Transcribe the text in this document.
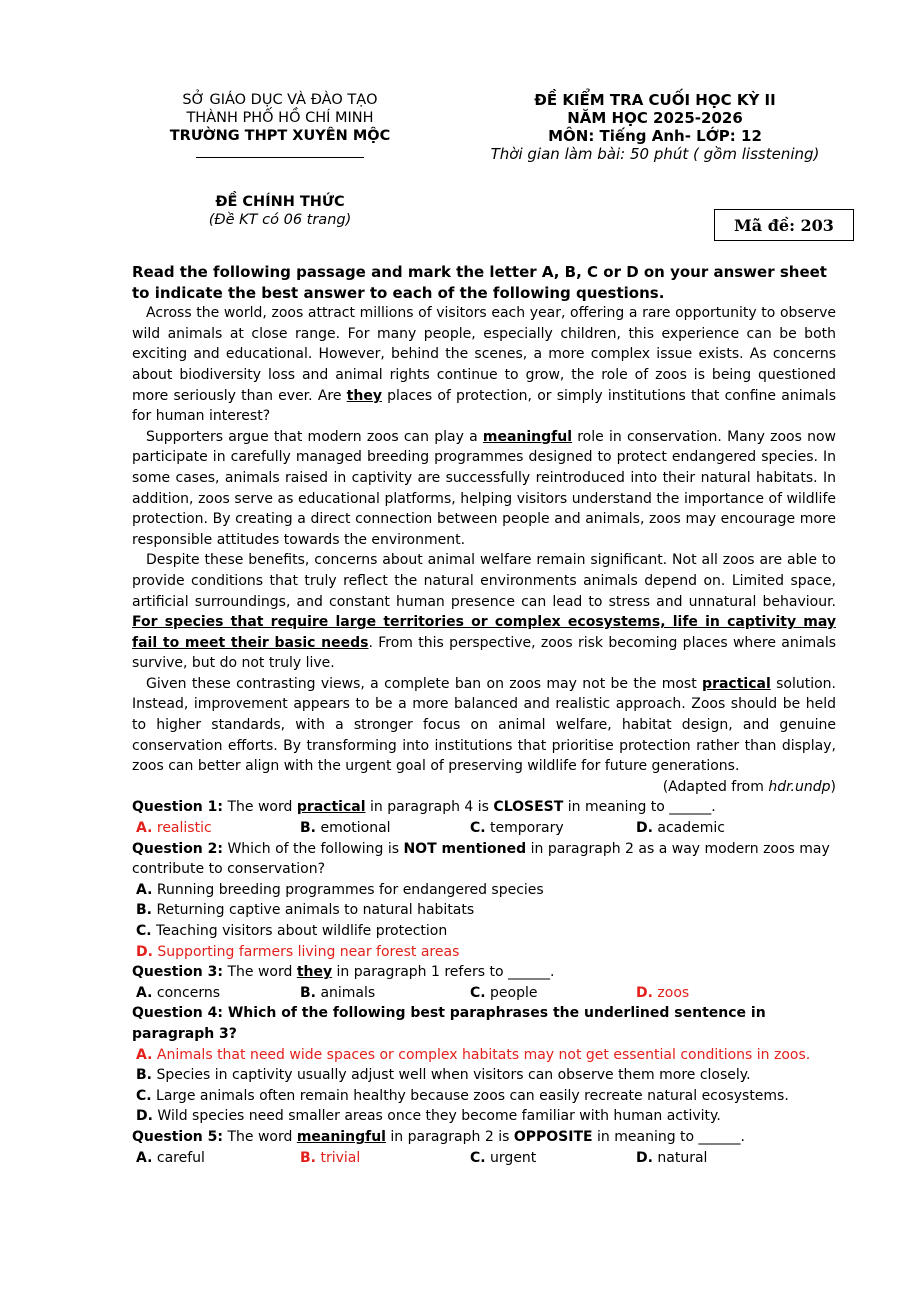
SỞ GIÁO DỤC VÀ ĐÀO TẠO
THÀNH PHỐ HỒ CHÍ MINH
TRƯỜNG THPT XUYÊN MỘC
ĐỀ CHÍNH THỨC
(Đề KT có 06 trang)
ĐỀ KIỂM TRA CUỐI HỌC KỲ II
NĂM HỌC 2025-2026
MÔN: Tiếng Anh- LỚP: 12
Thời gian làm bài: 50 phút ( gồm lisstening)
Mã đề: 203

Read the following passage and mark the letter A, B, C or D on your answer sheet to indicate the best answer to each of the following questions.

Across the world, zoos attract millions of visitors each year, offering a rare opportunity to observe wild animals at close range. For many people, especially children, this experience can be both exciting and educational. However, behind the scenes, a more complex issue exists. As concerns about biodiversity loss and animal rights continue to grow, the role of zoos is being questioned more seriously than ever. Are they places of protection, or simply institutions that confine animals for human interest?

Supporters argue that modern zoos can play a meaningful role in conservation. Many zoos now participate in carefully managed breeding programmes designed to protect endangered species. In some cases, animals raised in captivity are successfully reintroduced into their natural habitats. In addition, zoos serve as educational platforms, helping visitors understand the importance of wildlife protection. By creating a direct connection between people and animals, zoos may encourage more responsible attitudes towards the environment.

Despite these benefits, concerns about animal welfare remain significant. Not all zoos are able to provide conditions that truly reflect the natural environments animals depend on. Limited space, artificial surroundings, and constant human presence can lead to stress and unnatural behaviour. For species that require large territories or complex ecosystems, life in captivity may fail to meet their basic needs. From this perspective, zoos risk becoming places where animals survive, but do not truly live.

Given these contrasting views, a complete ban on zoos may not be the most practical solution. Instead, improvement appears to be a more balanced and realistic approach. Zoos should be held to higher standards, with a stronger focus on animal welfare, habitat design, and genuine conservation efforts. By transforming into institutions that prioritise protection rather than display, zoos can better align with the urgent goal of preserving wildlife for future generations.

(Adapted from hdr.undp)

Question 1: The word practical in paragraph 4 is CLOSEST in meaning to ______.

A. realistic	B. emotional	C. temporary	D. academic

Question 2: Which of the following is NOT mentioned in paragraph 2 as a way modern zoos may contribute to conservation?

A. Running breeding programmes for endangered species
B. Returning captive animals to natural habitats
C. Teaching visitors about wildlife protection
D. Supporting farmers living near forest areas

Question 3: The word they in paragraph 1 refers to ______.

A. concerns	B. animals	C. people	D. zoos

Question 4: Which of the following best paraphrases the underlined sentence in paragraph 3?

A. Animals that need wide spaces or complex habitats may not get essential conditions in zoos.
B. Species in captivity usually adjust well when visitors can observe them more closely.
C. Large animals often remain healthy because zoos can easily recreate natural ecosystems.
D. Wild species need smaller areas once they become familiar with human activity.

Question 5: The word meaningful in paragraph 2 is OPPOSITE in meaning to ______.

A. careful	B. trivial	C. urgent	D. natural
